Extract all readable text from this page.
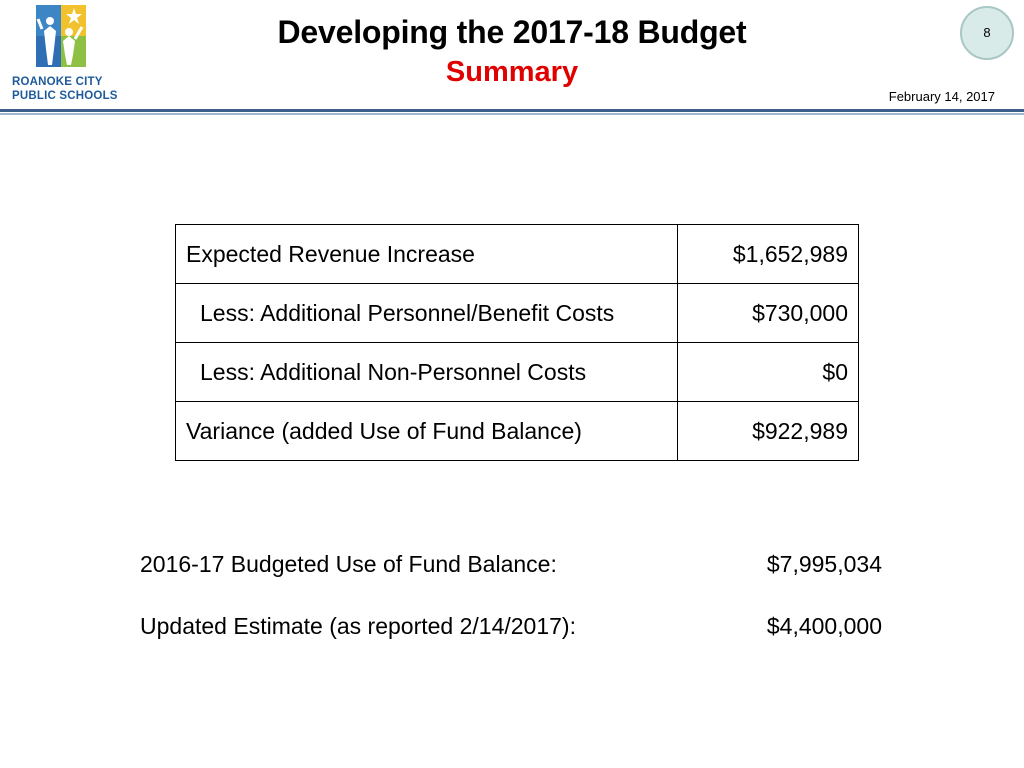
ROANOKE CITY
PUBLIC SCHOOLS
Developing the 2017-18 Budget
Summary
8
February 14, 2017
Expected Revenue Increase	$1,652,989
Less: Additional Personnel/Benefit Costs	$730,000
Less: Additional Non-Personnel Costs	$0
Variance (added Use of Fund Balance)	$922,989
2016-17 Budgeted Use of Fund Balance:	$7,995,034
Updated Estimate (as reported 2/14/2017):	$4,400,000
